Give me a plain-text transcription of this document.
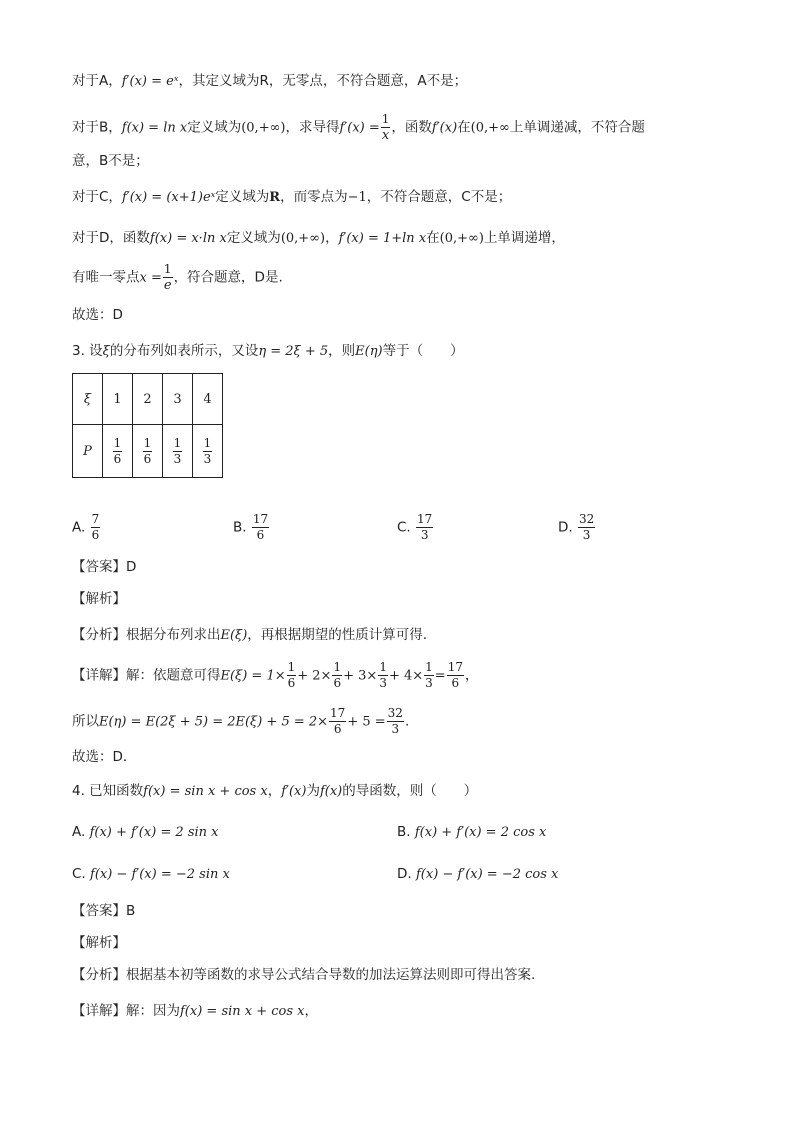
对于A，f′(x) = eˣ，其定义域为R，无零点，不符合题意，A不是；
对于B，f(x) = ln x定义域为(0,+∞)，求导得$f'(x) = \frac{1}{x}$ ，函数f′(x)在(0,+∞上单调递减，不符合题
意，B不是；
对于C，f′(x) = (x+1)eˣ定义域为R，而零点为−1，不符合题意，C不是；
对于D，函数f(x) = x·ln x定义域为(0,+∞)，f′(x) = 1+ln x在(0,+∞)上单调递增，
有唯一零点$x = \frac{1}{e}$ ，符合题意，D是.
故选：D
3. 设ξ的分布列如表所示，又设η = 2ξ + 5，则E(η)等于（　　）
ξ	1	2	3	4
P	$\frac{1}{6}$	$\frac{1}{6}$	$\frac{1}{3}$	$\frac{1}{3}$
A. $\frac{7}{6}$	B. $\frac{17}{6}$	C. $\frac{17}{3}$	D. $\frac{32}{3}$
【答案】D
【解析】
【分析】根据分布列求出E(ξ)，再根据期望的性质计算可得.
【详解】解：依题意可得$E(\xi) = 1\times \frac{1}{6} + 2\times \frac{1}{6} + 3\times \frac{1}{3} + 4\times \frac{1}{3} = \frac{17}{6}$ ，
所以$E(\eta) = E(2\xi + 5) = 2E(\xi) + 5 = 2\times \frac{17}{6} + 5 = \frac{32}{3}$ .
故选：D．
4. 已知函数f(x) = sin x + cos x，f′(x)为f(x)的导函数，则（　　）
A. f(x) + f′(x) = 2 sin x	B. f(x) + f′(x) = 2 cos x
C. f(x) − f′(x) = −2 sin x	D. f(x) − f′(x) = −2 cos x
【答案】B
【解析】
【分析】根据基本初等函数的求导公式结合导数的加法运算法则即可得出答案.
【详解】解：因为f(x) = sin x + cos x，
